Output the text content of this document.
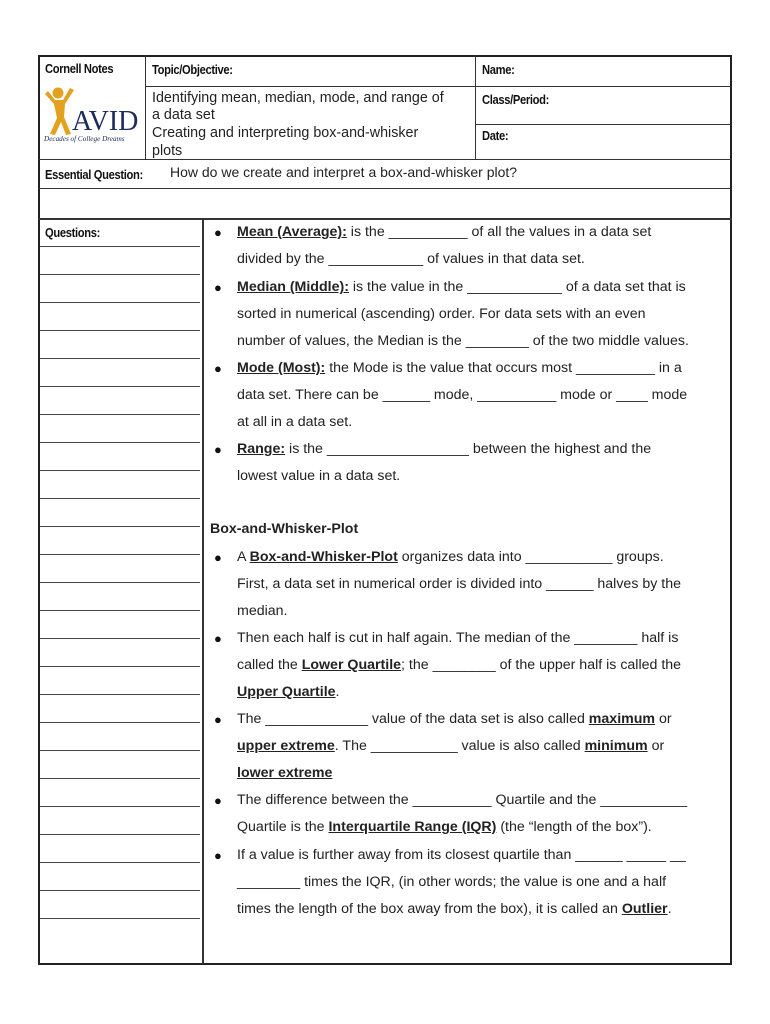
Cornell Notes	Topic/Objective:	Name:
Class/Period:
Date:
Identifying mean, median, mode, and range of
a data set
Creating and interpreting box-and-whisker
plots
AVID
Decades of College Dreams
Essential Question:	How do we create and interpret a box-and-whisker plot?
Questions:	● Mean (Average): is the __________ of all the values in a data set
divided by the ____________ of values in that data set.
● Median (Middle): is the value in the ____________ of a data set that is
sorted in numerical (ascending) order. For data sets with an even
number of values, the Median is the ________ of the two middle values.
● Mode (Most): the Mode is the value that occurs most __________ in a
data set. There can be ______ mode, __________ mode or ____ mode
at all in a data set.
● Range: is the __________________ between the highest and the
lowest value in a data set.
Box-and-Whisker-Plot
● A Box-and-Whisker-Plot organizes data into ___________ groups.
First, a data set in numerical order is divided into ______ halves by the
median.
● Then each half is cut in half again. The median of the ________ half is
called the Lower Quartile; the ________ of the upper half is called the
Upper Quartile.
● The _____________ value of the data set is also called maximum or
upper extreme. The ___________ value is also called minimum or
lower extreme
● The difference between the __________ Quartile and the ___________
Quartile is the Interquartile Range (IQR) (the “length of the box”).
● If a value is further away from its closest quartile than ______ _____ __
________ times the IQR, (in other words; the value is one and a half
times the length of the box away from the box), it is called an Outlier.
